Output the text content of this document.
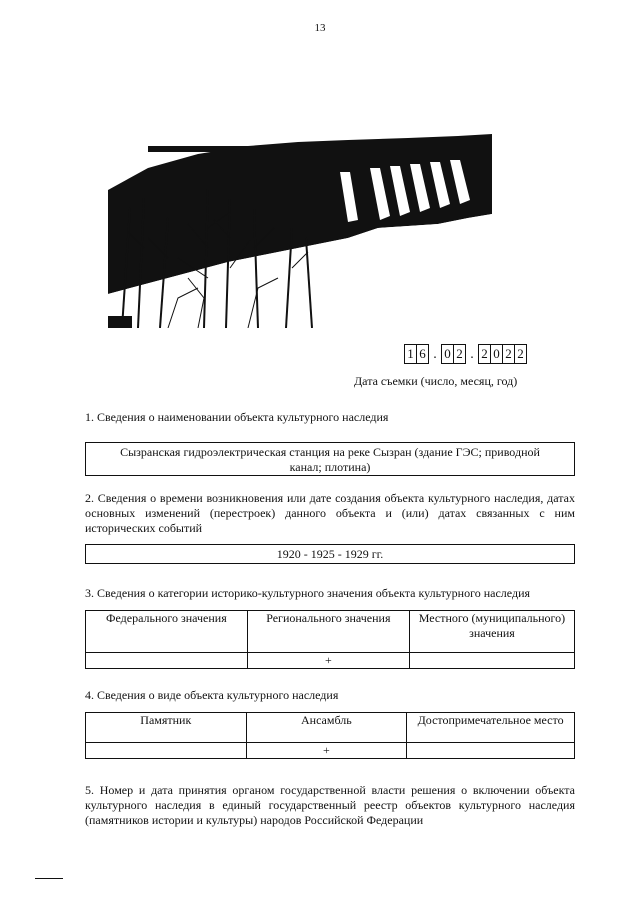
13
1 6 . 0 2 . 2 0 2 2
Дата съемки (число, месяц, год)
1. Сведения о наименовании объекта культурного наследия
Сызранская гидроэлектрическая станция на реке Сызран (здание ГЭС; приводной канал; плотина)
2. Сведения о времени возникновения или дате создания объекта культурного наследия, датах основных изменений (перестроек) данного объекта и (или) датах связанных с ним исторических событий
1920 - 1925 - 1929 гг.
3. Сведения о категории историко-культурного значения объекта культурного наследия
Федерального значения	Регионального значения	Местного (муниципального) значения
	+	
4. Сведения о виде объекта культурного наследия
Памятник	Ансамбль	Достопримечательное место
	+	
5. Номер и дата принятия органом государственной власти решения о включении объекта культурного наследия в единый государственный реестр объектов культурного наследия (памятников истории и культуры) народов Российской Федерации
